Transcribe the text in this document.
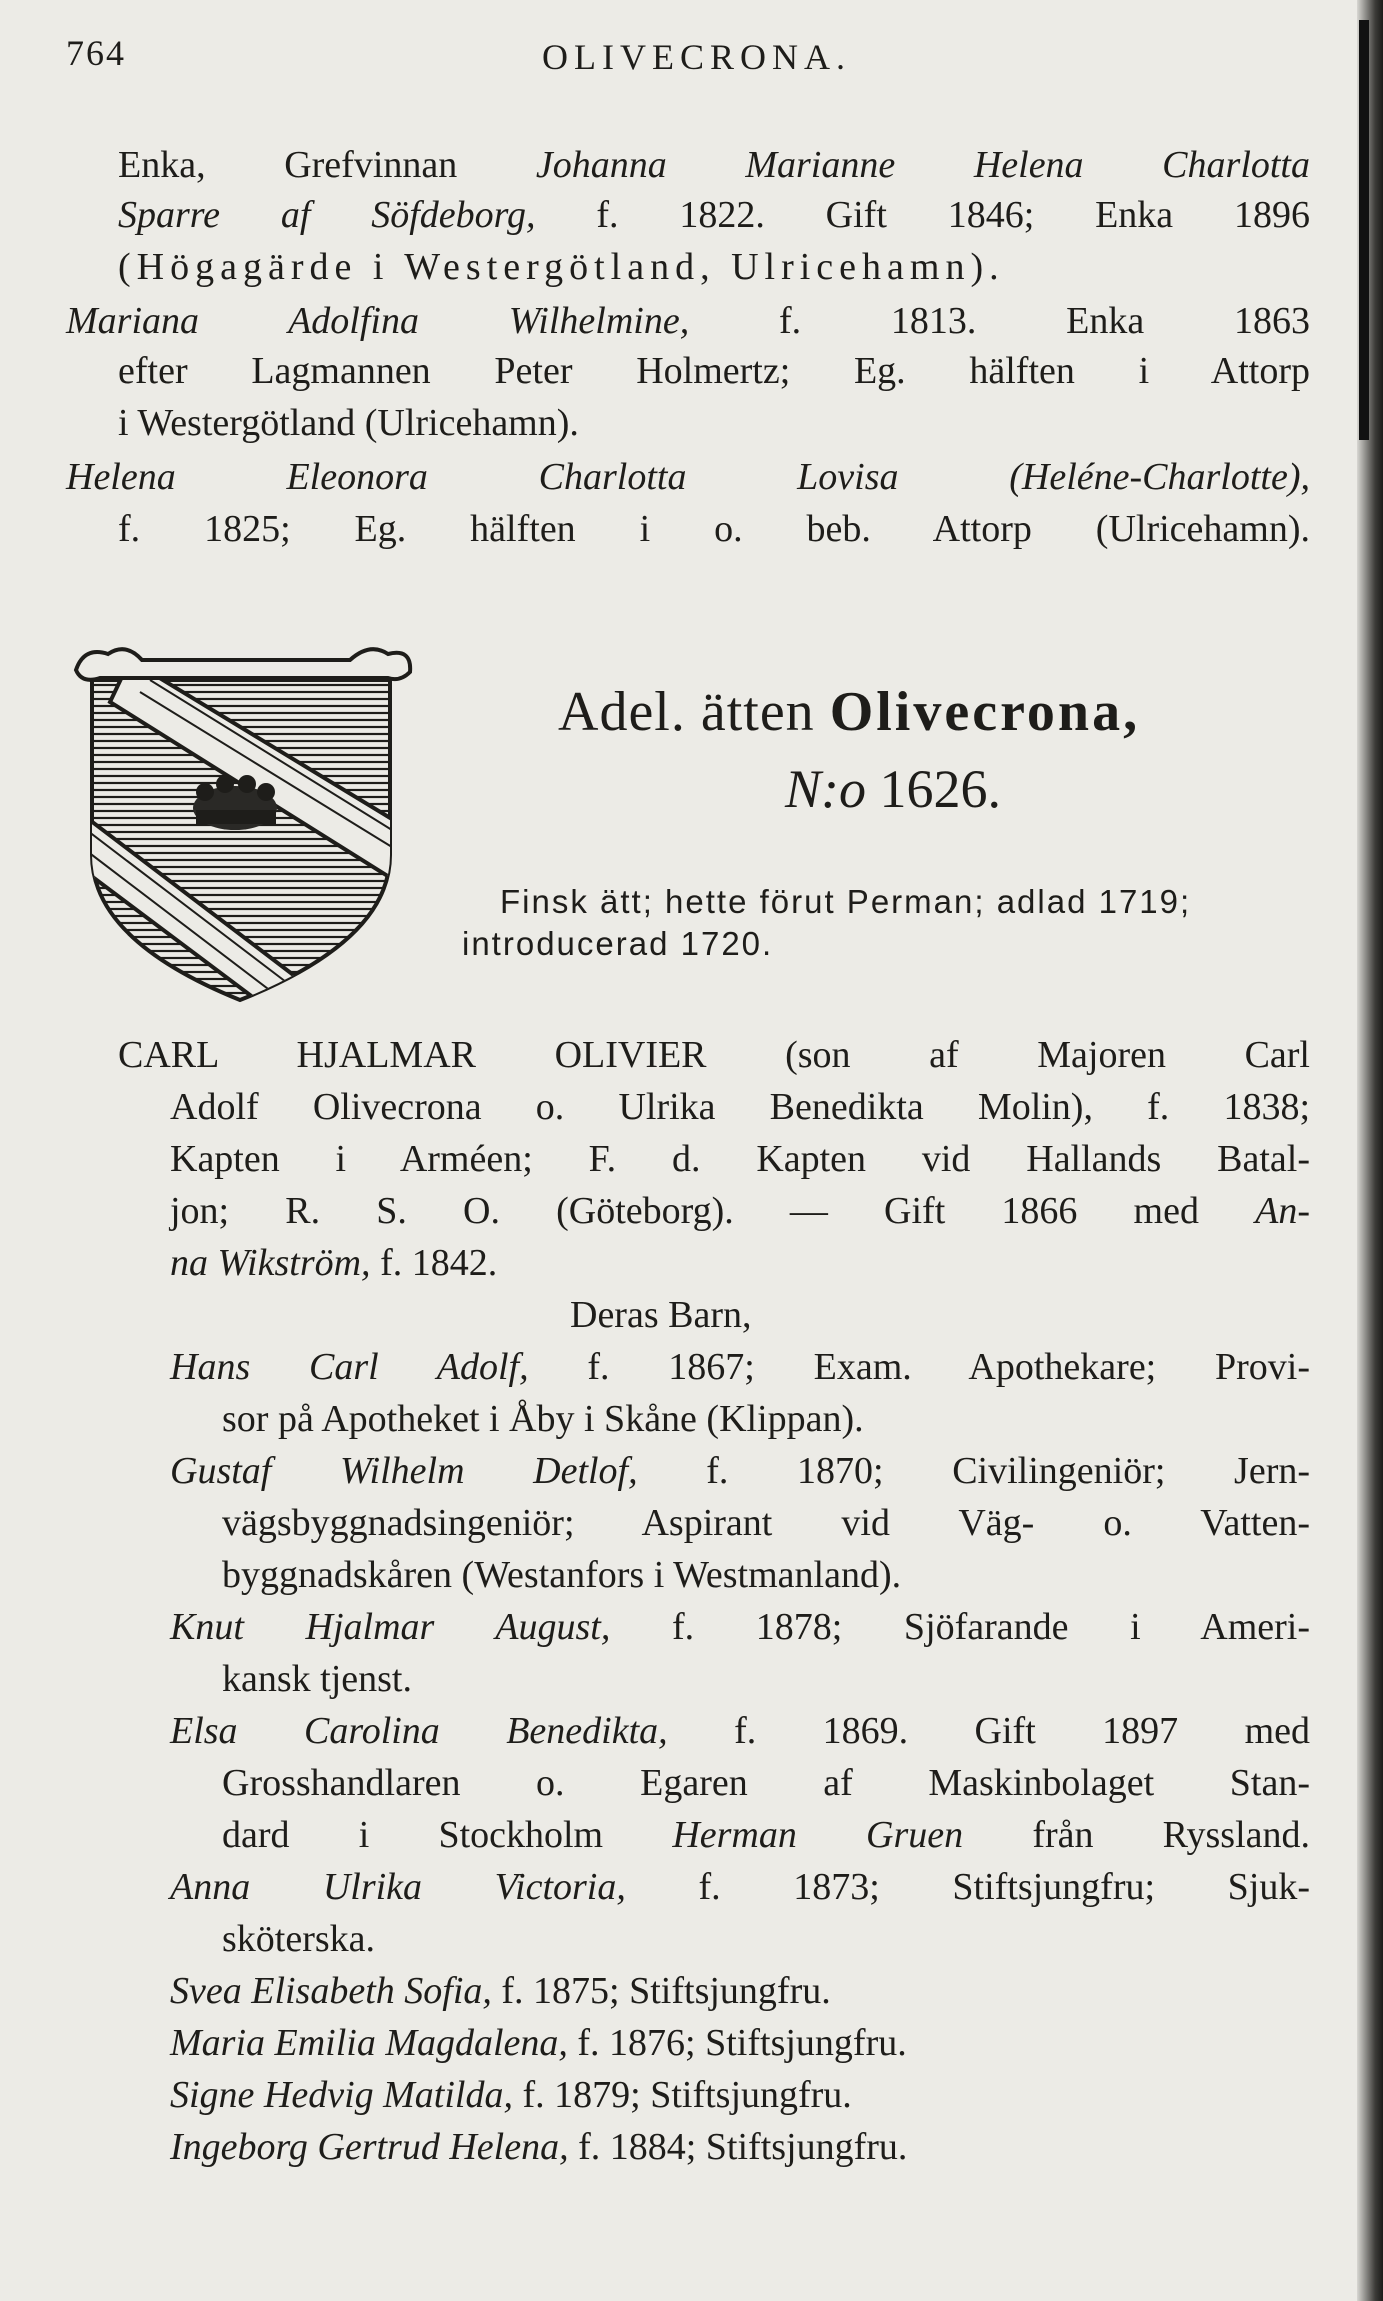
764	OLIVECRONA.
Enka, Grefvinnan Johanna Marianne Helena Charlotta
Sparre af Söfdeborg, f. 1822. Gift 1846; Enka 1896
(Högagärde i Westergötland, Ulricehamn).
Mariana Adolfina Wilhelmine, f. 1813. Enka 1863
efter Lagmannen Peter Holmertz; Eg. hälften i Attorp
i Westergötland (Ulricehamn).
Helena Eleonora Charlotta Lovisa (Heléne-Charlotte),
f. 1825; Eg. hälften i o. beb. Attorp (Ulricehamn).
Adel. ätten Olivecrona,
N:o 1626.
Finsk ätt; hette förut Perman; adlad 1719;
introducerad 1720.
CARL HJALMAR OLIVIER (son af Majoren Carl
Adolf Olivecrona o. Ulrika Benedikta Molin), f. 1838;
Kapten i Arméen; F. d. Kapten vid Hallands Batal-
jon; R. S. O. (Göteborg). — Gift 1866 med An-
na Wikström, f. 1842.
Deras Barn,
Hans Carl Adolf, f. 1867; Exam. Apothekare; Provi-
sor på Apotheket i Åby i Skåne (Klippan).
Gustaf Wilhelm Detlof, f. 1870; Civilingeniör; Jern-
vägsbyggnadsingeniör; Aspirant vid Väg- o. Vatten-
byggnadskåren (Westanfors i Westmanland).
Knut Hjalmar August, f. 1878; Sjöfarande i Ameri-
kansk tjenst.
Elsa Carolina Benedikta, f. 1869. Gift 1897 med
Grosshandlaren o. Egaren af Maskinbolaget Stan-
dard i Stockholm Herman Gruen från Ryssland.
Anna Ulrika Victoria, f. 1873; Stiftsjungfru; Sjuk-
sköterska.
Svea Elisabeth Sofia, f. 1875; Stiftsjungfru.
Maria Emilia Magdalena, f. 1876; Stiftsjungfru.
Signe Hedvig Matilda, f. 1879; Stiftsjungfru.
Ingeborg Gertrud Helena, f. 1884; Stiftsjungfru.
